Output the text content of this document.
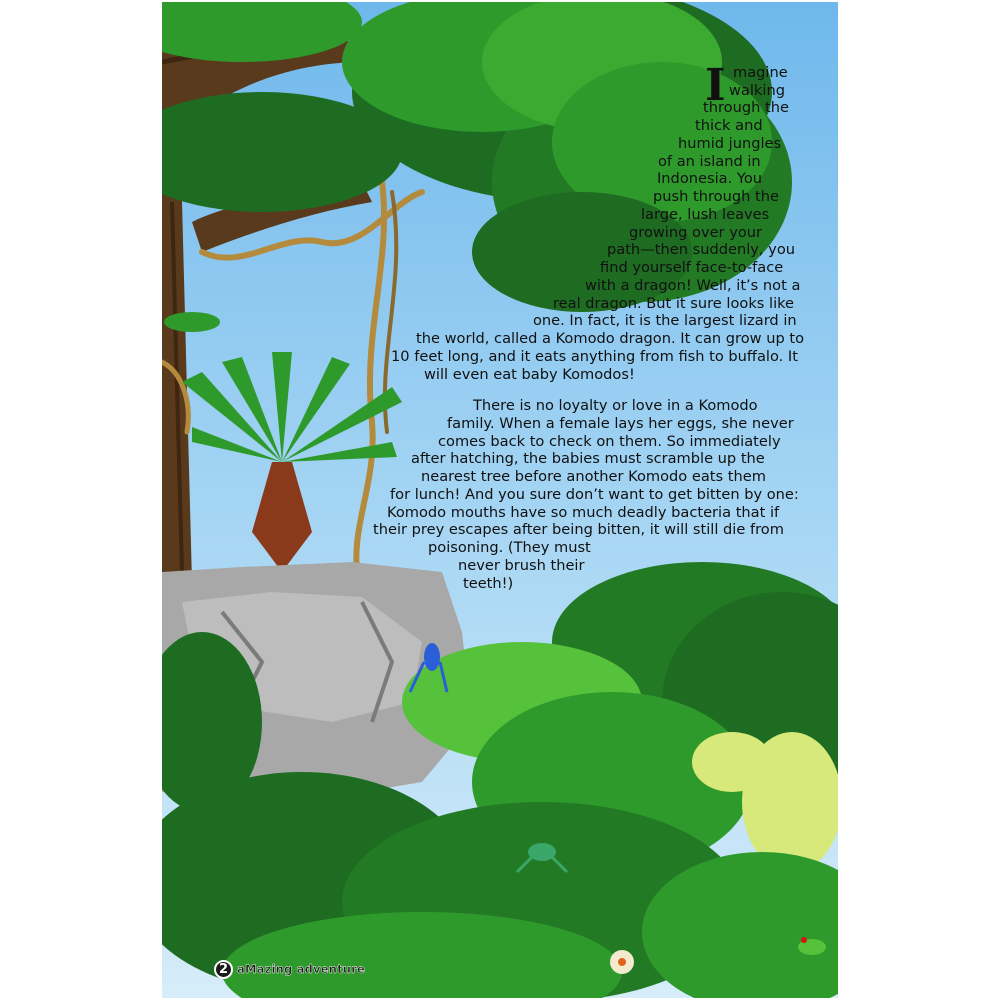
I magine
walking
through the
thick and
humid jungles
of an island in
Indonesia. You
push through the
large, lush leaves
growing over your
path—then suddenly, you
find yourself face-to-face
with a dragon! Well, it’s not a
real dragon. But it sure looks like
one. In fact, it is the largest lizard in
the world, called a Komodo dragon. It can grow up to
10 feet long, and it eats anything from fish to buffalo. It
will even eat baby Komodos!
There is no loyalty or love in a Komodo
family. When a female lays her eggs, she never
comes back to check on them. So immediately
after hatching, the babies must scramble up the
nearest tree before another Komodo eats them
for lunch! And you sure don’t want to get bitten by one:
Komodo mouths have so much deadly bacteria that if
their prey escapes after being bitten, it will still die from
poisoning. (They must
never brush their
teeth!)
2 aMazing adventure
